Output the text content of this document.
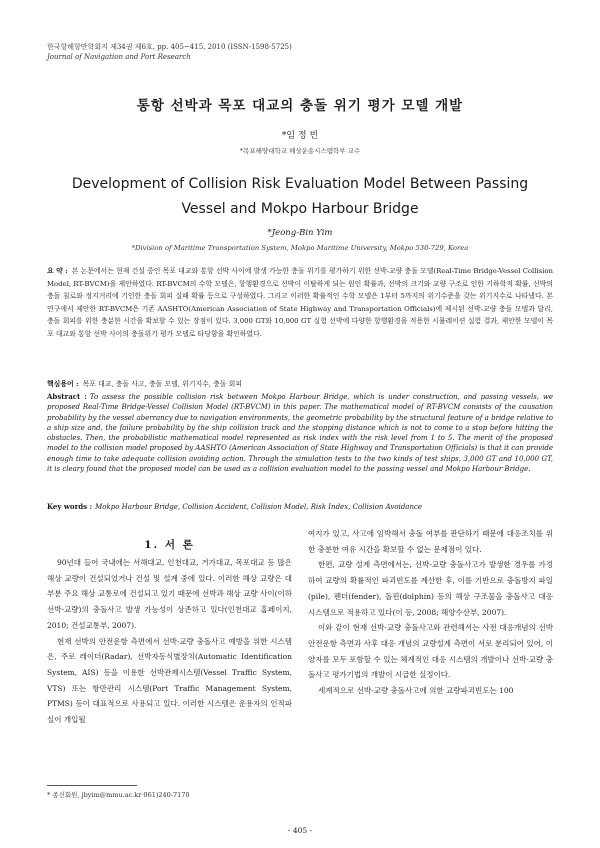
한국항해항만학회지 제34권 제6호, pp. 405~415, 2010 (ISSN-1598-5725)
Journal of Navigation and Port Research
통항 선박과 목포 대교의 충돌 위기 평가 모델 개발
*임 정 빈
*목포해양대학교 해상운송시스템학부 교수
Development of Collision Risk Evaluation Model Between Passing
Vessel and Mokpo Harbour Bridge
*Jeong-Bin Yim
*Division of Maritime Transportation System, Mokpo Maritime University, Mokpo 530-729, Korea
요 약 : 본 논문에서는 현재 건설 중인 목포 대교와 통항 선박 사이에 발생 가능한 충돌 위기를 평가하기 위한 선박-교량 충돌 모델(Real-Time Bridge-Vessel Collision Model, RT-BVCM)을 제안하였다. RT-BVCM의 수학 모델은, 항행환경으로 선박이 이탈하게 되는 원인 확률과, 선박의 크기와 교량 구조로 인한 기하학적 확률, 선박의 충돌 침로와 정지거리에 기인한 충돌 회피 실패 확률 등으로 구성하였다. 그리고 이러한 확률적인 수학 모델은 1부터 5까지의 위기수준을 갖는 위기지수로 나타냈다. 본 연구에서 제안한 RT-BVCM은 기존 AASHTO(American Association of State Highway and Transportation Officials)에 제시된 선박-교량 충돌 모델과 달리, 충돌 회피를 위한 충분한 시간을 확보할 수 있는 장점이 있다. 3,000 GT와 10,000 GT 실험 선박에 다양한 항행환경을 적용한 시뮬레이션 실험 결과, 제안한 모델이 목포 대교와 통항 선박 사이의 충돌위기 평가 모델로 타당함을 확인하였다.
핵심용어 : 목포 대교, 충돌 사고, 충돌 모델, 위기지수, 충돌 회피
Abstract : To assess the possible collision risk between Mokpo Harbour Bridge, which is under construction, and passing vessels, we proposed Real-Time Bridge-Vessel Collision Model (RT-BVCM) in this paper. The mathematical model of RT-BVCM consists of the causation probability by the vessel aberrancy due to navigation environments, the geometric probability by the structural feature of a bridge relative to a ship size and, the failure probability by the ship collision track and the stopping distance which is not to come to a stop before hitting the obstacles. Then, the probabilistic mathematical model represented as risk index with the risk level from 1 to 5. The merit of the proposed model to the collision model proposed by AASHTO (American Association of State Highway and Transportation Officials) is that it can provide enough time to take adequate collision avoiding action. Through the simulation tests to the two kinds of test ships, 3,000 GT and 10,000 GT, it is cleary found that the proposed model can be used as a collision evaluation model to the passing vessel and Mokpo Harbour Bridge.
Key words : Mokpo Harbour Bridge, Collision Accident, Collision Model, Risk Index, Collision Avoidance
1. 서 론

90년대 들어 국내에는 서해대교, 인천대교, 거가대교, 목포대교 등 많은 해상 교량이 건설되었거나 건설 및 설계 중에 있다. 이러한 해상 교량은 대부분 주요 해상 교통로에 건설되고 있기 때문에 선박과 해상 교량 사이(이하 선박-교량)의 충돌사고 발생 가능성이 상존하고 있다(인천대교 홈페이지, 2010; 건설교통부, 2007).

현재 선박의 안전운항 측면에서 선박-교량 충돌사고 예방을 위한 시스템은, 주로 레이더(Radar), 선박자동식별장치(Automatic Identification System, AIS) 등을 이용한 선박관제시스템(Vessel Traffic System, VTS) 또는 항만관리 시스템(Port Traffic Management System, PTMS) 등이 대표적으로 사용되고 있다. 이러한 시스템은 운용자의 인적파실이 개입될

여지가 있고, 사고에 임박해서 충돌 여부를 판단하기 때문에 대응조치를 위한 충분한 여유 시간을 확보할 수 없는 문제점이 있다.

한편, 교량 설계 측면에서는, 선박-교량 충돌사고가 발생한 경우를 가정하여 교량의 확률적인 파괴빈도를 계산한 후, 이를 기반으로 충돌방지 파일(pile), 펜더(fender), 돌핀(dolphin) 등의 해상 구조물을 충돌사고 대응 시스템으로 적용하고 있다(이 등, 2008; 해양수산부, 2007).

이와 같이 현재 선박-교량 충돌사고와 관련해서는 사전 대응개념의 선박 안전운항 측면과 사후 대응 개념의 교량설계 측면이 서로 분리되어 있어, 이 양자를 모두 포함할 수 있는 체계적인 대응 시스템의 개발이나 선박-교량 충돌사고 평가기법의 개발이 시급한 실정이다.

세계적으로 선박-교량 충돌사고에 의한 교량파괴빈도는 100

* 종신회원, jbyim@mmu.ac.kr 061)240-7170
- 405 -
